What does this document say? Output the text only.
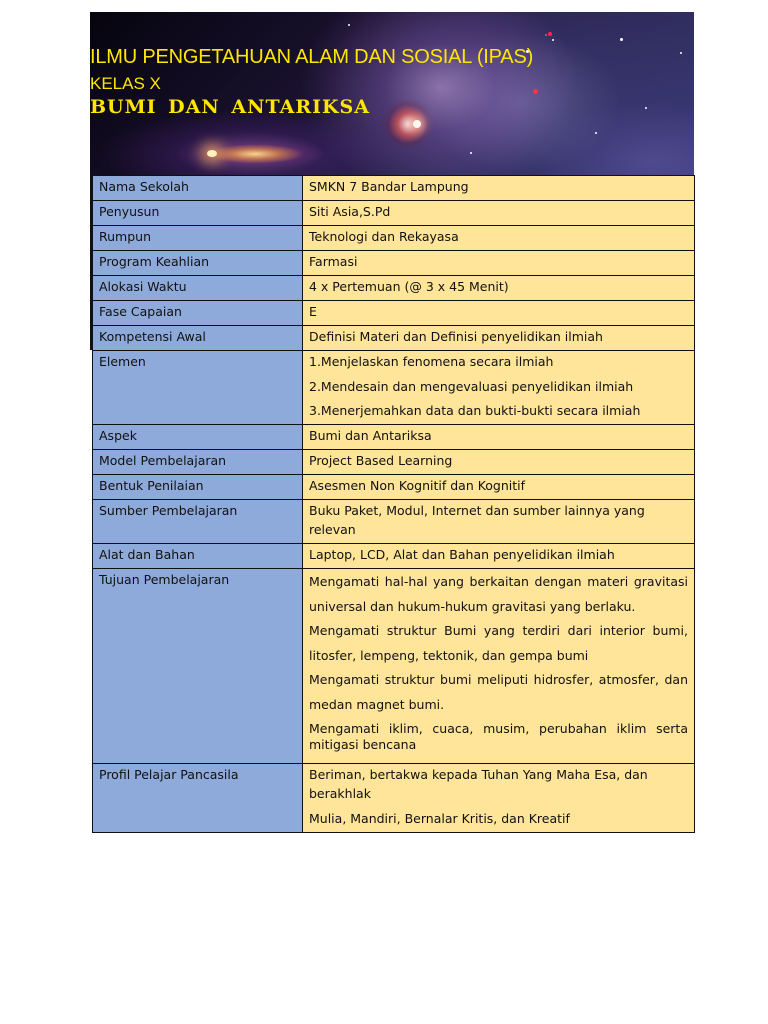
ILMU PENGETAHUAN ALAM DAN SOSIAL (IPAS)
KELAS X
BUMI DAN ANTARIKSA
Nama Sekolah	SMKN 7 Bandar Lampung
Penyusun	Siti Asia,S.Pd
Rumpun	Teknologi dan Rekayasa
Program Keahlian	Farmasi
Alokasi Waktu	4 x Pertemuan (@ 3 x 45 Menit)
Fase Capaian	E
Kompetensi Awal	Definisi Materi dan Definisi penyelidikan ilmiah
Elemen	1.Menjelaskan fenomena secara ilmiah

2.Mendesain dan mengevaluasi penyelidikan ilmiah

3.Menerjemahkan data dan bukti-bukti secara ilmiah

Aspek	Bumi dan Antariksa
Model Pembelajaran	Project Based Learning
Bentuk Penilaian	Asesmen Non Kognitif dan Kognitif
Sumber Pembelajaran	Buku Paket, Modul, Internet dan sumber lainnya yang relevan
Alat dan Bahan	Laptop, LCD, Alat dan Bahan penyelidikan ilmiah
Tujuan Pembelajaran	Mengamati hal-hal yang berkaitan dengan materi gravitasi universal dan hukum-hukum gravitasi yang berlaku.

Mengamati struktur Bumi yang terdiri dari interior bumi, litosfer, lempeng, tektonik, dan gempa bumi

Mengamati struktur bumi meliputi hidrosfer, atmosfer, dan medan magnet bumi.

Mengamati iklim, cuaca, musim, perubahan iklim serta mitigasi bencana

Profil Pelajar Pancasila	Beriman, bertakwa kepada Tuhan Yang Maha Esa, dan berakhlak

Mulia, Mandiri, Bernalar Kritis, dan Kreatif
